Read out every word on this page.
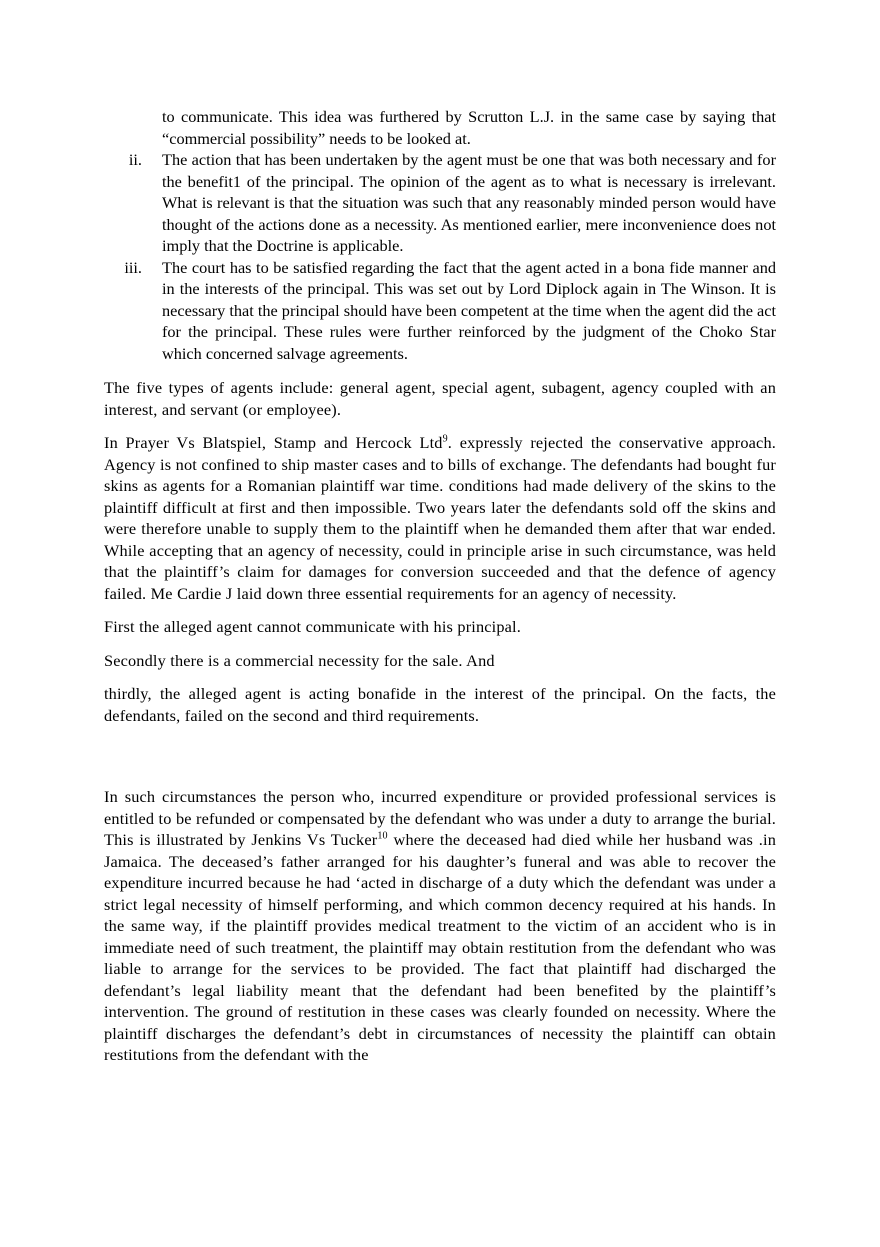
to communicate. This idea was furthered by Scrutton L.J. in the same case by saying that “commercial possibility” needs to be looked at.

ii. The action that has been undertaken by the agent must be one that was both necessary and for the benefit1 of the principal. The opinion of the agent as to what is necessary is irrelevant. What is relevant is that the situation was such that any reasonably minded person would have thought of the actions done as a necessity. As mentioned earlier, mere inconvenience does not imply that the Doctrine is applicable.
iii. The court has to be satisfied regarding the fact that the agent acted in a bona fide manner and in the interests of the principal. This was set out by Lord Diplock again in The Winson. It is necessary that the principal should have been competent at the time when the agent did the act for the principal. These rules were further reinforced by the judgment of the Choko Star which concerned salvage agreements.

The five types of agents include: general agent, special agent, subagent, agency coupled with an interest, and servant (or employee).

In Prayer Vs Blatspiel, Stamp and Hercock Ltd$^9$. expressly rejected the conservative approach. Agency is not confined to ship master cases and to bills of exchange. The defendants had bought fur skins as agents for a Romanian plaintiff war time. conditions had made delivery of the skins to the plaintiff difficult at first and then impossible. Two years later the defendants sold off the skins and were therefore unable to supply them to the plaintiff when he demanded them after that war ended. While accepting that an agency of necessity, could in principle arise in such circumstance, was held that the plaintiff’s claim for damages for conversion succeeded and that the defence of agency failed. Me Cardie J laid down three essential requirements for an agency of necessity.

First the alleged agent cannot communicate with his principal.

Secondly there is a commercial necessity for the sale. And

thirdly, the alleged agent is acting bonafide in the interest of the principal. On the facts, the defendants, failed on the second and third requirements.

In such circumstances the person who, incurred expenditure or provided professional services is entitled to be refunded or compensated by the defendant who was under a duty to arrange the burial. This is illustrated by Jenkins Vs Tucker$^{10}$ where the deceased had died while her husband was .in Jamaica. The deceased’s father arranged for his daughter’s funeral and was able to recover the expenditure incurred because he had ‘acted in discharge of a duty which the defendant was under a strict legal necessity of himself performing, and which common decency required at his hands. In the same way, if the plaintiff provides medical treatment to the victim of an accident who is in immediate need of such treatment, the plaintiff may obtain restitution from the defendant who was liable to arrange for the services to be provided. The fact that plaintiff had discharged the defendant’s legal liability meant that the defendant had been benefited by the plaintiff’s intervention. The ground of restitution in these cases was clearly founded on necessity. Where the plaintiff discharges the defendant’s debt in circumstances of necessity the plaintiff can obtain restitutions from the defendant with the
